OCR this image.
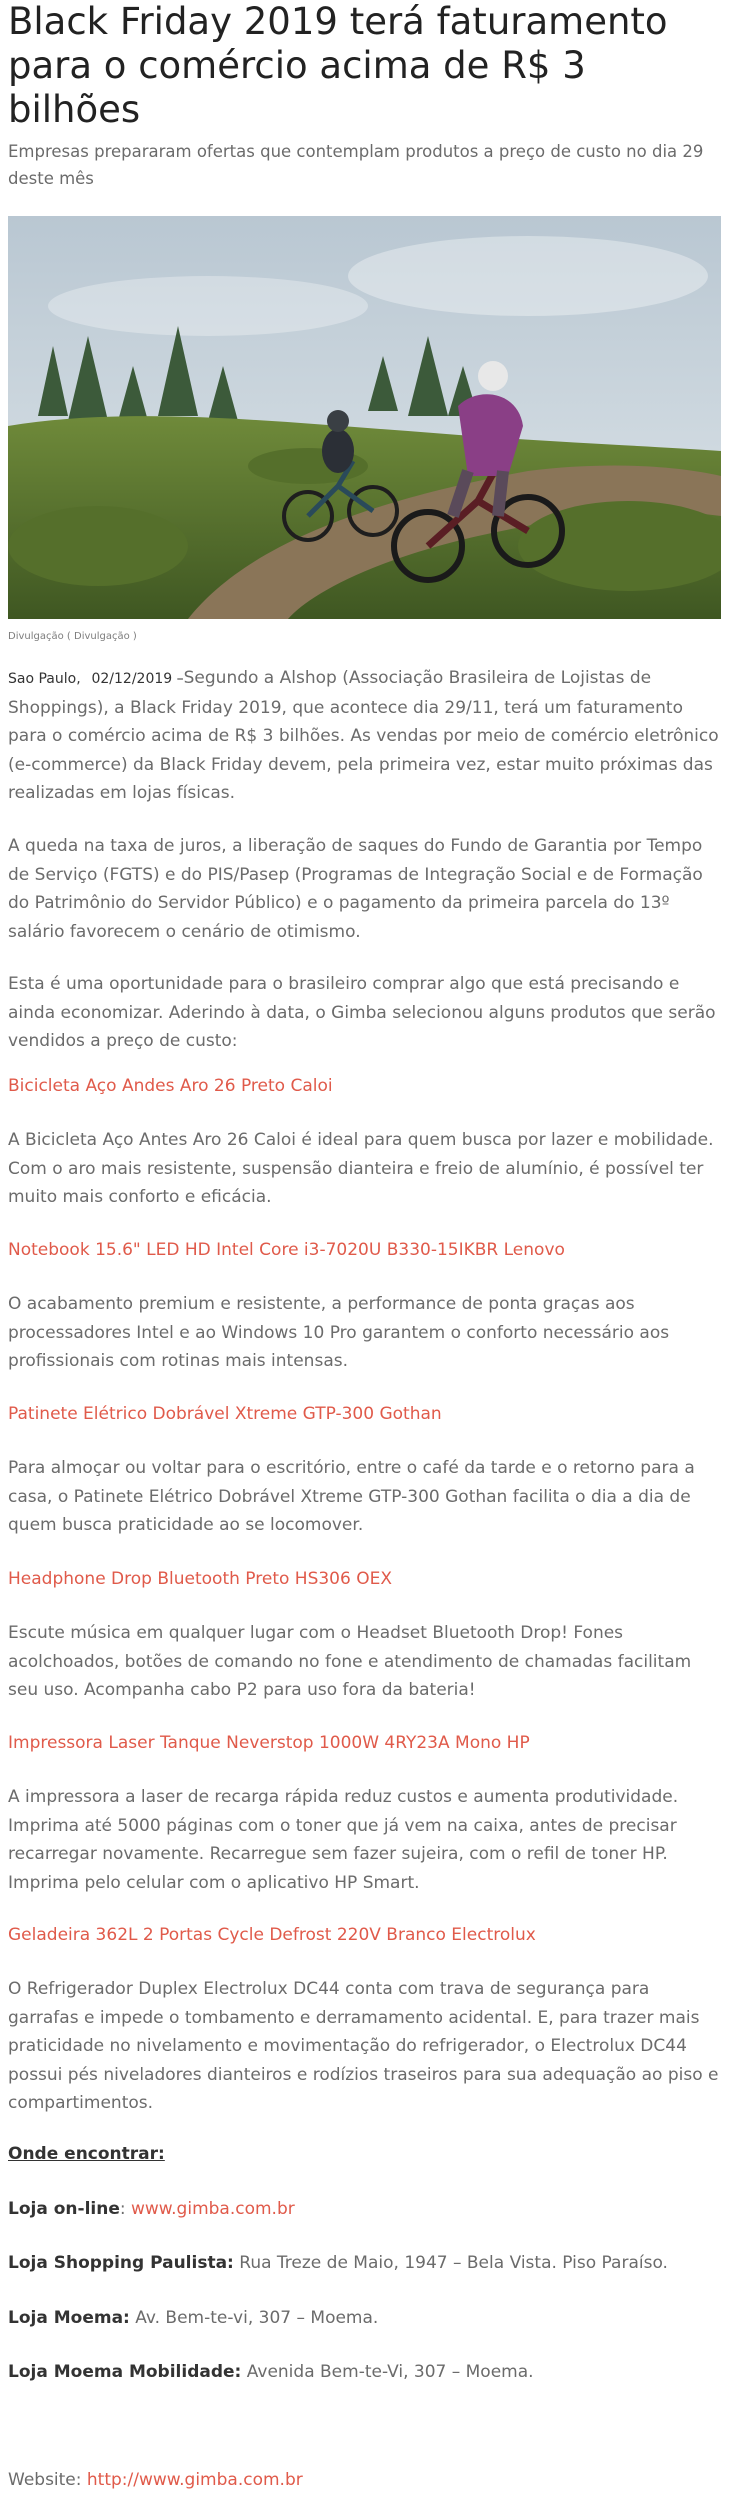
Black Friday 2019 terá faturamento para o comércio acima de R$ 3 bilhões

Empresas prepararam ofertas que contemplam produtos a preço de custo no dia 29 deste mês

Divulgação ( Divulgação )

Sao Paulo, 02/12/2019 –Segundo a Alshop (Associação Brasileira de Lojistas de Shoppings), a Black Friday 2019, que acontece dia 29/11, terá um faturamento para o comércio acima de R$ 3 bilhões. As vendas por meio de comércio eletrônico (e-commerce) da Black Friday devem, pela primeira vez, estar muito próximas das realizadas em lojas físicas.

A queda na taxa de juros, a liberação de saques do Fundo de Garantia por Tempo de Serviço (FGTS) e do PIS/Pasep (Programas de Integração Social e de Formação do Patrimônio do Servidor Público) e o pagamento da primeira parcela do 13º salário favorecem o cenário de otimismo.

Esta é uma oportunidade para o brasileiro comprar algo que está precisando e ainda economizar. Aderindo à data, o Gimba selecionou alguns produtos que serão vendidos a preço de custo:

Bicicleta Aço Andes Aro 26 Preto Caloi

A Bicicleta Aço Antes Aro 26 Caloi é ideal para quem busca por lazer e mobilidade. Com o aro mais resistente, suspensão dianteira e freio de alumínio, é possível ter muito mais conforto e eficácia.

Notebook 15.6" LED HD Intel Core i3-7020U B330-15IKBR Lenovo

O acabamento premium e resistente, a performance de ponta graças aos processadores Intel e ao Windows 10 Pro garantem o conforto necessário aos profissionais com rotinas mais intensas.

Patinete Elétrico Dobrável Xtreme GTP-300 Gothan

Para almoçar ou voltar para o escritório, entre o café da tarde e o retorno para a casa, o Patinete Elétrico Dobrável Xtreme GTP-300 Gothan facilita o dia a dia de quem busca praticidade ao se locomover.

Headphone Drop Bluetooth Preto HS306 OEX

Escute música em qualquer lugar com o Headset Bluetooth Drop! Fones acolchoados, botões de comando no fone e atendimento de chamadas facilitam seu uso. Acompanha cabo P2 para uso fora da bateria!

Impressora Laser Tanque Neverstop 1000W 4RY23A Mono HP

A impressora a laser de recarga rápida reduz custos e aumenta produtividade. Imprima até 5000 páginas com o toner que já vem na caixa, antes de precisar recarregar novamente. Recarregue sem fazer sujeira, com o refil de toner HP. Imprima pelo celular com o aplicativo HP Smart.

Geladeira 362L 2 Portas Cycle Defrost 220V Branco Electrolux

O Refrigerador Duplex Electrolux DC44 conta com trava de segurança para garrafas e impede o tombamento e derramamento acidental. E, para trazer mais praticidade no nivelamento e movimentação do refrigerador, o Electrolux DC44 possui pés niveladores dianteiros e rodízios traseiros para sua adequação ao piso e compartimentos.

Onde encontrar:
Loja on-line: www.gimba.com.br
Loja Shopping Paulista: Rua Treze de Maio, 1947 – Bela Vista. Piso Paraíso.
Loja Moema: Av. Bem-te-vi, 307 – Moema.
Loja Moema Mobilidade: Avenida Bem-te-Vi, 307 – Moema.
Website: http://www.gimba.com.br
